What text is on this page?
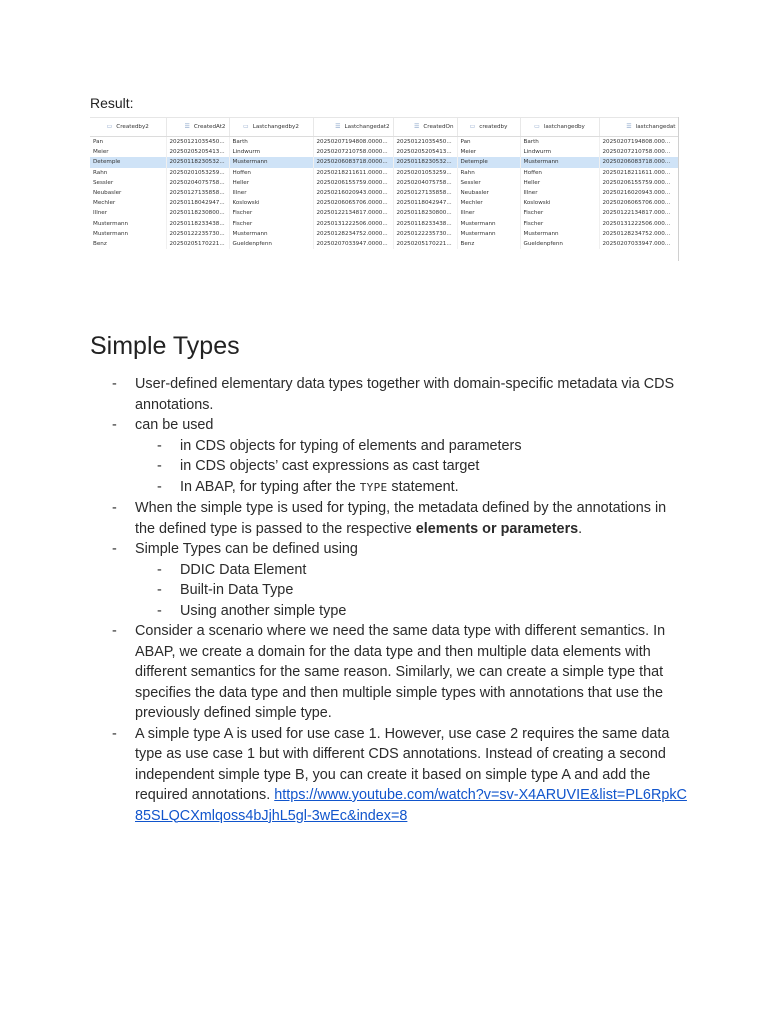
Result:
▭ Createdby2	☰ CreatedAt2	▭ Lastchangedby2	☰ Lastchangedat2	☰ CreatedOn	▭ createdby	▭ lastchangedby	☰ lastchangedat
Pan	20250121035450...	Barth	20250207194808.0000...	20250121035450...	Pan	Barth	20250207194808.000...
Meier	20250205205413...	Lindwurm	20250207210758.0000...	20250205205413...	Meier	Lindwurm	20250207210758.000...
Detemple	20250118230532...	Mustermann	20250206083718.0000...	20250118230532...	Detemple	Mustermann	20250206083718.000...
Rahn	20250201053259...	Hoffen	20250218211611.0000...	20250201053259...	Rahn	Hoffen	20250218211611.000...
Sessler	20250204075758...	Heller	20250206155759.0000...	20250204075758...	Sessler	Heller	20250206155759.000...
Neubasler	20250127135858...	Illner	20250216020943.0000...	20250127135858...	Neubasler	Illner	20250216020943.000...
Mechler	20250118042947...	Koslowski	20250206065706.0000...	20250118042947...	Mechler	Koslowski	20250206065706.000...
Illner	20250118230800...	Fischer	20250122134817.0000...	20250118230800...	Illner	Fischer	20250122134817.000...
Mustermann	20250118233438...	Fischer	20250131222506.0000...	20250118233438...	Mustermann	Fischer	20250131222506.000...
Mustermann	20250122235730...	Mustermann	20250128234752.0000...	20250122235730...	Mustermann	Mustermann	20250128234752.000...
Benz	20250205170221...	Gueldenpfenn	20250207033947.0000...	20250205170221...	Benz	Gueldenpfenn	20250207033947.000...
Simple Types
- User-defined elementary data types together with domain-specific metadata via CDS annotations.
- can be used
- in CDS objects for typing of elements and parameters
- in CDS objects’ cast expressions as cast target
- In ABAP, for typing after the TYPE statement.
- When the simple type is used for typing, the metadata defined by the annotations in the defined type is passed to the respective elements or parameters.
- Simple Types can be defined using
- DDIC Data Element
- Built-in Data Type
- Using another simple type
- Consider a scenario where we need the same data type with different semantics. In ABAP, we create a domain for the data type and then multiple data elements with different semantics for the same reason. Similarly, we can create a simple type that specifies the data type and then multiple simple types with annotations that use the previously defined simple type.
- A simple type A is used for use case 1. However, use case 2 requires the same data type as use case 1 but with different CDS annotations. Instead of creating a second independent simple type B, you can create it based on simple type A and add the required annotations. https://www.youtube.com/watch?v=sv-X4ARUVIE&list=PL6RpkC85SLQCXmlqoss4bJjhL5gl-3wEc&index=8
